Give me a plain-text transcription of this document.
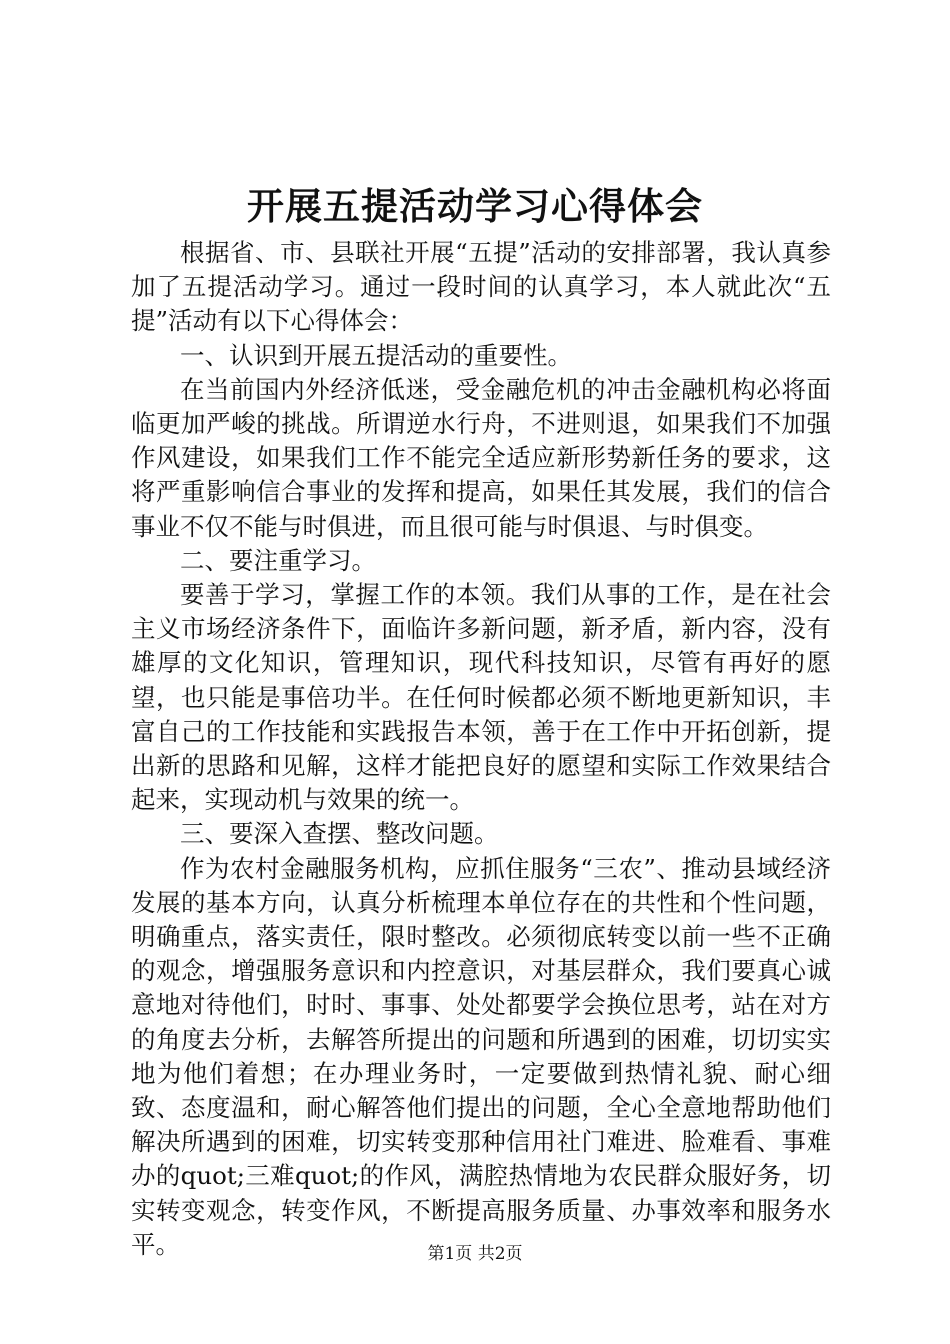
开展五提活动学习心得体会

根据省、市、县联社开展“五提”活动的安排部署，我认真参加了五提活动学习。通过一段时间的认真学习，本人就此次“五提”活动有以下心得体会：

一、认识到开展五提活动的重要性。

在当前国内外经济低迷，受金融危机的冲击金融机构必将面临更加严峻的挑战。所谓逆水行舟，不进则退，如果我们不加强作风建设，如果我们工作不能完全适应新形势新任务的要求，这将严重影响信合事业的发挥和提高，如果任其发展，我们的信合事业不仅不能与时俱进，而且很可能与时俱退、与时俱变。

二、要注重学习。

要善于学习，掌握工作的本领。我们从事的工作，是在社会主义市场经济条件下，面临许多新问题，新矛盾，新内容，没有雄厚的文化知识，管理知识，现代科技知识，尽管有再好的愿望，也只能是事倍功半。在任何时候都必须不断地更新知识，丰富自己的工作技能和实践报告本领，善于在工作中开拓创新，提出新的思路和见解，这样才能把良好的愿望和实际工作效果结合起来，实现动机与效果的统一。

三、要深入查摆、整改问题。

作为农村金融服务机构，应抓住服务“三农”、推动县域经济发展的基本方向，认真分析梳理本单位存在的共性和个性问题，明确重点，落实责任，限时整改。必须彻底转变以前一些不正确的观念，增强服务意识和内控意识，对基层群众，我们要真心诚意地对待他们，时时、事事、处处都要学会换位思考，站在对方的角度去分析，去解答所提出的问题和所遇到的困难，切切实实地为他们着想；在办理业务时，一定要做到热情礼貌、耐心细致、态度温和，耐心解答他们提出的问题，全心全意地帮助他们解决所遇到的困难，切实转变那种信用社门难进、脸难看、事难办的quot;三难quot;的作风，满腔热情地为农民群众服好务，切实转变观念，转变作风，不断提高服务质量、办事效率和服务水平。	第1页 共2页
